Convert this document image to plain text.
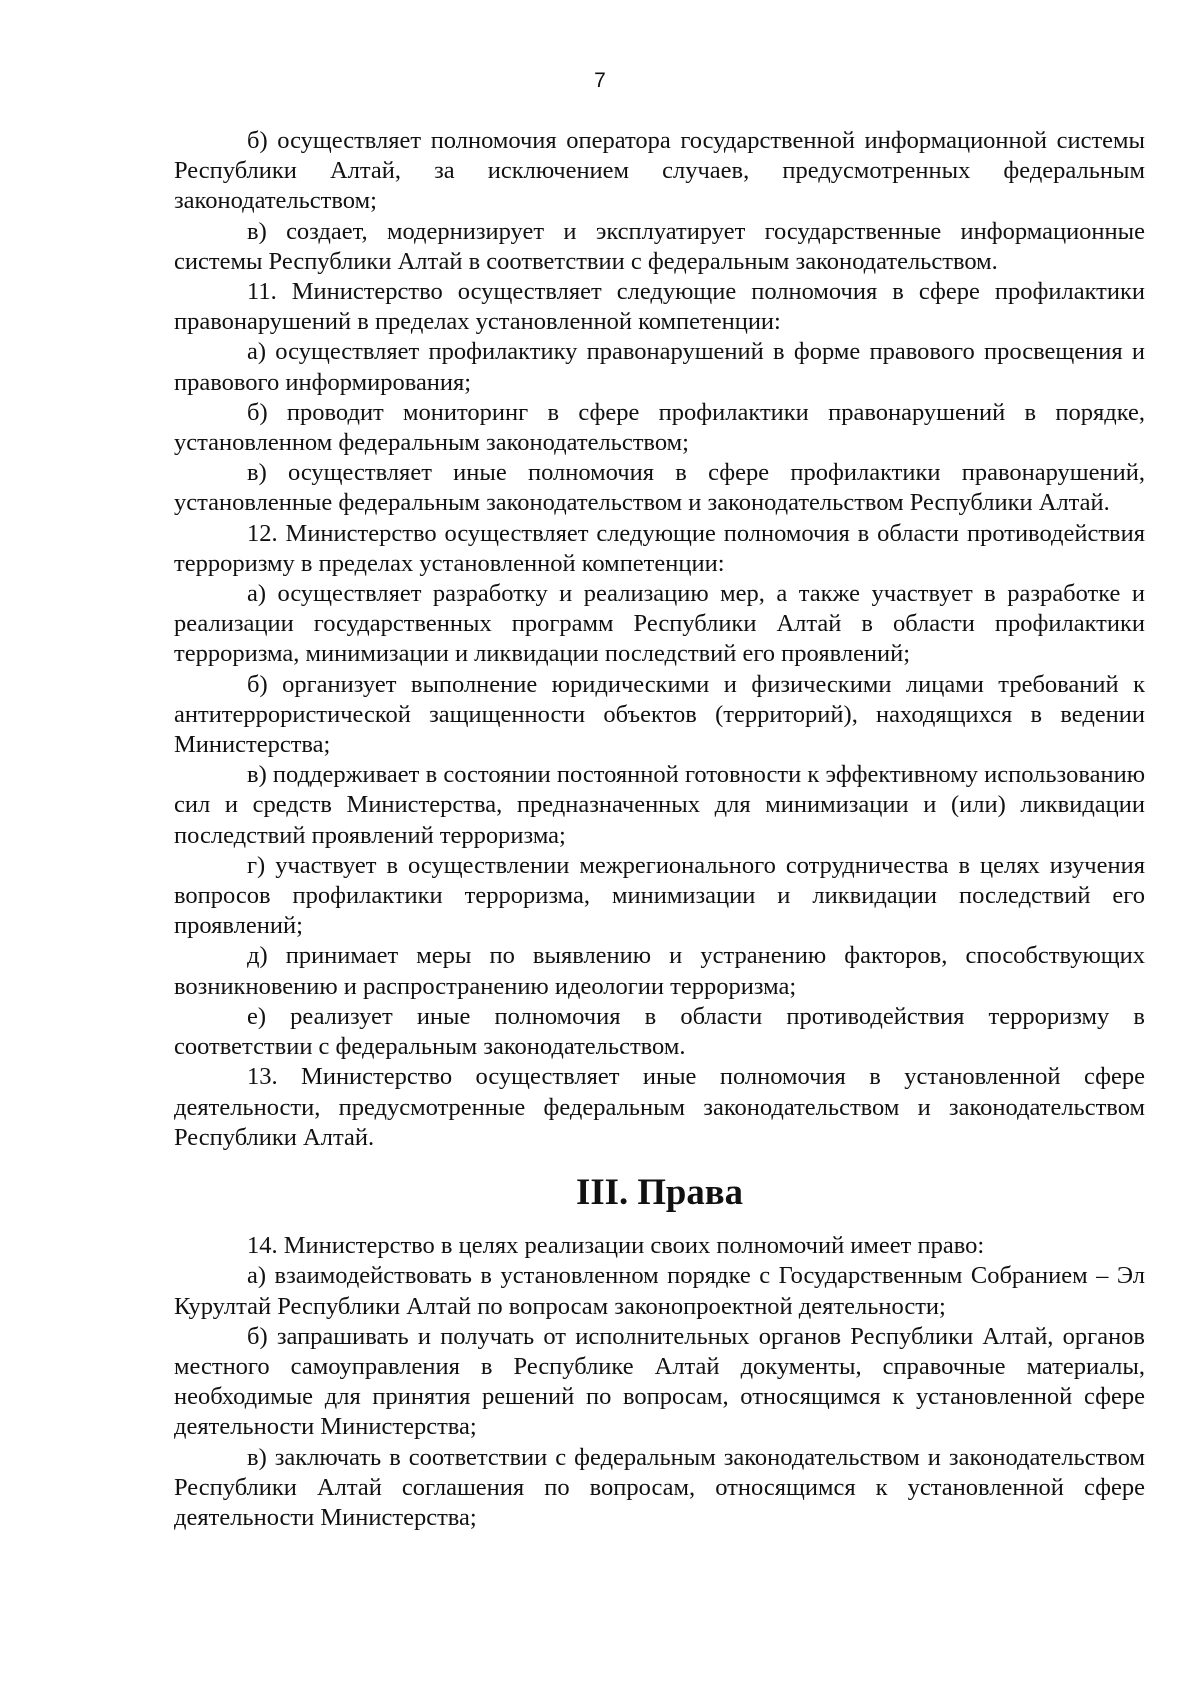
7

б) осуществляет полномочия оператора государственной информационной системы Республики Алтай, за исключением случаев, предусмотренных федеральным законодательством;

в) создает, модернизирует и эксплуатирует государственные информационные системы Республики Алтай в соответствии с федеральным законодательством.

11. Министерство осуществляет следующие полномочия в сфере профилактики правонарушений в пределах установленной компетенции:

а) осуществляет профилактику правонарушений в форме правового просвещения и правового информирования;

б) проводит мониторинг в сфере профилактики правонарушений в порядке, установленном федеральным законодательством;

в) осуществляет иные полномочия в сфере профилактики правонарушений, установленные федеральным законодательством и законодательством Республики Алтай.

12. Министерство осуществляет следующие полномочия в области противодействия терроризму в пределах установленной компетенции:

а) осуществляет разработку и реализацию мер, а также участвует в разработке и реализации государственных программ Республики Алтай в области профилактики терроризма, минимизации и ликвидации последствий его проявлений;

б) организует выполнение юридическими и физическими лицами требований к антитеррористической защищенности объектов (территорий), находящихся в ведении Министерства;

в) поддерживает в состоянии постоянной готовности к эффективному использованию сил и средств Министерства, предназначенных для минимизации и (или) ликвидации последствий проявлений терроризма;

г) участвует в осуществлении межрегионального сотрудничества в целях изучения вопросов профилактики терроризма, минимизации и ликвидации последствий его проявлений;

д) принимает меры по выявлению и устранению факторов, способствующих возникновению и распространению идеологии терроризма;

е) реализует иные полномочия в области противодействия терроризму в соответствии с федеральным законодательством.

13. Министерство осуществляет иные полномочия в установленной сфере деятельности, предусмотренные федеральным законодательством и законодательством Республики Алтай.

III. Права

14. Министерство в целях реализации своих полномочий имеет право:

а) взаимодействовать в установленном порядке с Государственным Собранием – Эл Курултай Республики Алтай по вопросам законопроектной деятельности;

б) запрашивать и получать от исполнительных органов Республики Алтай, органов местного самоуправления в Республике Алтай документы, справочные материалы, необходимые для принятия решений по вопросам, относящимся к установленной сфере деятельности Министерства;

в) заключать в соответствии с федеральным законодательством и законодательством Республики Алтай соглашения по вопросам, относящимся к установленной сфере деятельности Министерства;
